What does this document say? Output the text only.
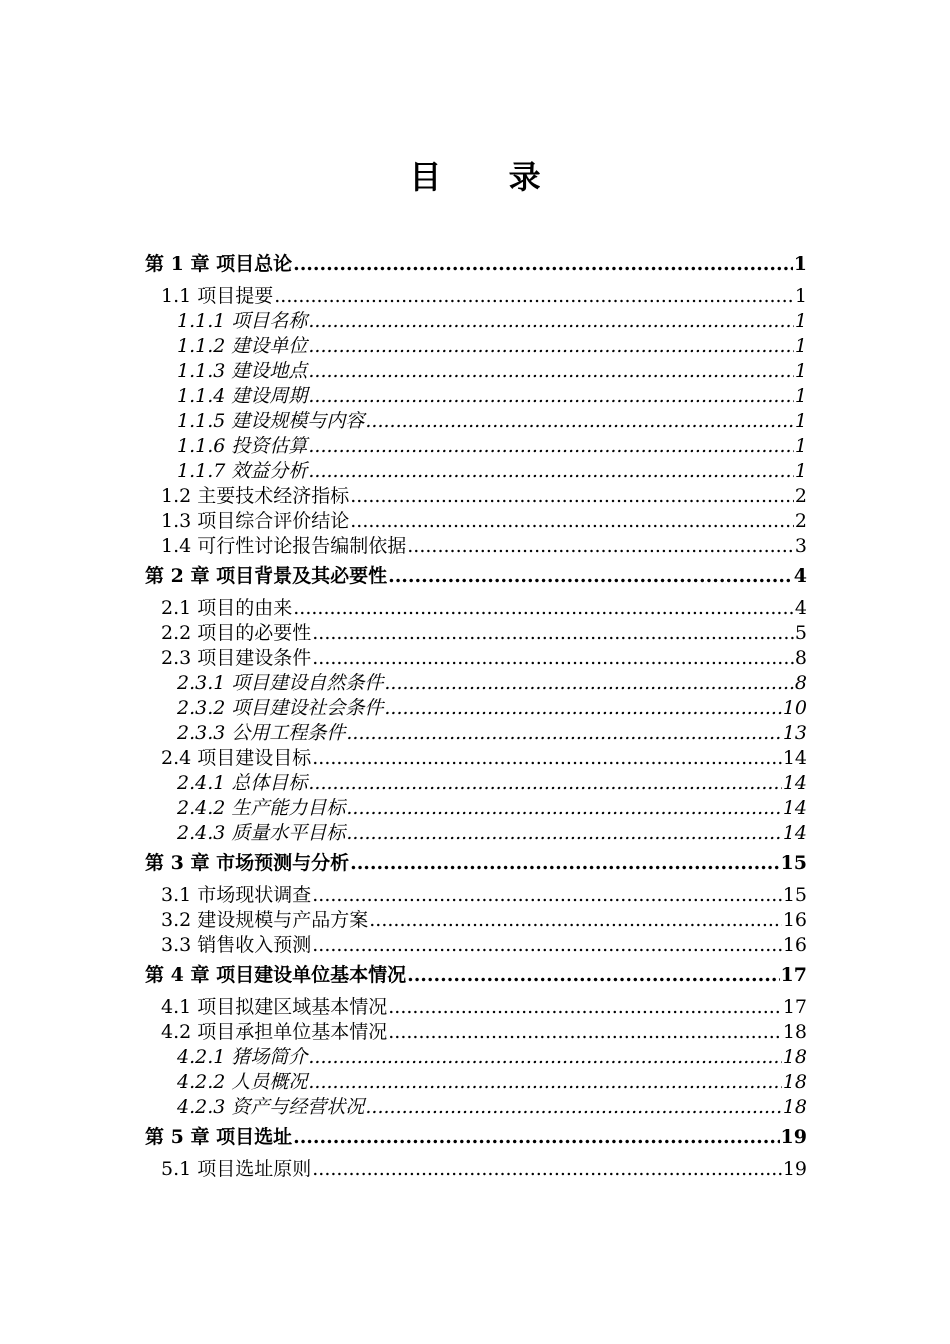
目 录
第 1 章 项目总论 .....	1
1.1 项目提要 .....	1
1.1.1 项目名称 .....	1
1.1.2 建设单位 .....	1
1.1.3 建设地点 .....	1
1.1.4 建设周期 .....	1
1.1.5 建设规模与内容 .....	1
1.1.6 投资估算 .....	1
1.1.7 效益分析 .....	1
1.2 主要技术经济指标 .....	2
1.3 项目综合评价结论 .....	2
1.4 可行性讨论报告编制依据 .....	3
第 2 章 项目背景及其必要性 .....	4
2.1 项目的由来 .....	4
2.2 项目的必要性 .....	5
2.3 项目建设条件 .....	8
2.3.1 项目建设自然条件 .....	8
2.3.2 项目建设社会条件 .....	10
2.3.3 公用工程条件 .....	13
2.4 项目建设目标 .....	14
2.4.1 总体目标 .....	14
2.4.2 生产能力目标 .....	14
2.4.3 质量水平目标 .....	14
第 3 章 市场预测与分析 .....	15
3.1 市场现状调查 .....	15
3.2 建设规模与产品方案 .....	16
3.3 销售收入预测 .....	16
第 4 章 项目建设单位基本情况 .....	17
4.1 项目拟建区域基本情况 .....	17
4.2 项目承担单位基本情况 .....	18
4.2.1 猪场简介 .....	18
4.2.2 人员概况 .....	18
4.2.3 资产与经营状况 .....	18
第 5 章 项目选址 .....	19
5.1 项目选址原则 .....	19
